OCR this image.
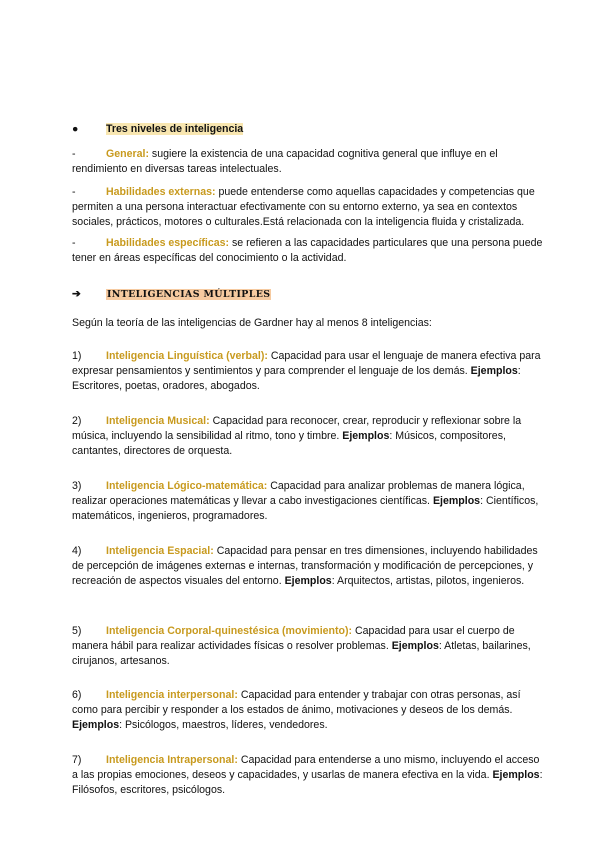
●	Tres niveles de inteligencia
-	General: sugiere la existencia de una capacidad cognitiva general que influye en el rendimiento en diversas tareas intelectuales.
-	Habilidades externas: puede entenderse como aquellas capacidades y competencias que permiten a una persona interactuar efectivamente con su entorno externo, ya sea en contextos sociales, prácticos, motores o culturales.Está relacionada con la inteligencia fluida y cristalizada.
-	Habilidades específicas: se refieren a las capacidades particulares que una persona puede tener en áreas específicas del conocimiento o la actividad.
➔	INTELIGENCIAS MÚLTIPLES
Según la teoría de las inteligencias de Gardner hay al menos 8 inteligencias:
1) Inteligencia Linguística (verbal): Capacidad para usar el lenguaje de manera efectiva para expresar pensamientos y sentimientos y para comprender el lenguaje de los demás. Ejemplos: Escritores, poetas, oradores, abogados.
2) Inteligencia Musical: Capacidad para reconocer, crear, reproducir y reflexionar sobre la música, incluyendo la sensibilidad al ritmo, tono y timbre. Ejemplos: Músicos, compositores, cantantes, directores de orquesta.
3) Inteligencia Lógico-matemática: Capacidad para analizar problemas de manera lógica, realizar operaciones matemáticas y llevar a cabo investigaciones científicas. Ejemplos: Científicos, matemáticos, ingenieros, programadores.
4) Inteligencia Espacial: Capacidad para pensar en tres dimensiones, incluyendo habilidades de percepción de imágenes externas e internas, transformación y modificación de percepciones, y recreación de aspectos visuales del entorno. Ejemplos: Arquitectos, artistas, pilotos, ingenieros.
5) Inteligencia Corporal-quinestésica (movimiento): Capacidad para usar el cuerpo de manera hábil para realizar actividades físicas o resolver problemas. Ejemplos: Atletas, bailarines, cirujanos, artesanos.
6) Inteligencia interpersonal: Capacidad para entender y trabajar con otras personas, así como para percibir y responder a los estados de ánimo, motivaciones y deseos de los demás. Ejemplos: Psicólogos, maestros, líderes, vendedores.
7) Inteligencia Intrapersonal: Capacidad para entenderse a uno mismo, incluyendo el acceso a las propias emociones, deseos y capacidades, y usarlas de manera efectiva en la vida. Ejemplos: Filósofos, escritores, psicólogos.
